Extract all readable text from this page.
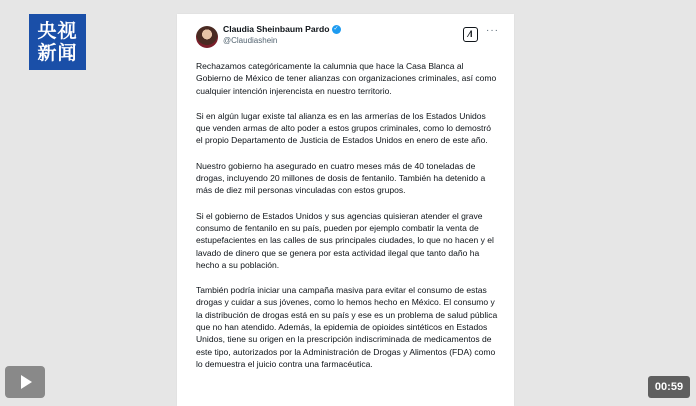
央视
新闻
Claudia Sheinbaum Pardo ✓
@Claudiashein
⁄I	···

Rechazamos categóricamente la calumnia que hace la Casa Blanca al Gobierno de México de tener alianzas con organizaciones criminales, así como cualquier intención injerencista en nuestro territorio.

Si en algún lugar existe tal alianza es en las armerías de los Estados Unidos que venden armas de alto poder a estos grupos criminales, como lo demostró el propio Departamento de Justicia de Estados Unidos en enero de este año.

Nuestro gobierno ha asegurado en cuatro meses más de 40 toneladas de drogas, incluyendo 20 millones de dosis de fentanilo. También ha detenido a más de diez mil personas vinculadas con estos grupos.

Si el gobierno de Estados Unidos y sus agencias quisieran atender el grave consumo de fentanilo en su país, pueden por ejemplo combatir la venta de estupefacientes en las calles de sus principales ciudades, lo que no hacen y el lavado de dinero que se genera por esta actividad ilegal que tanto daño ha hecho a su población.

También podría iniciar una campaña masiva para evitar el consumo de estas drogas y cuidar a sus jóvenes, como lo hemos hecho en México. El consumo y la distribución de drogas está en su país y ese es un problema de salud pública que no han atendido. Además, la epidemia de opioides sintéticos en Estados Unidos, tiene su origen en la prescripción indiscriminada de medicamentos de este tipo, autorizados por la Administración de Drogas y Alimentos (FDA) como lo demuestra el juicio contra una farmacéutica.

00:59
